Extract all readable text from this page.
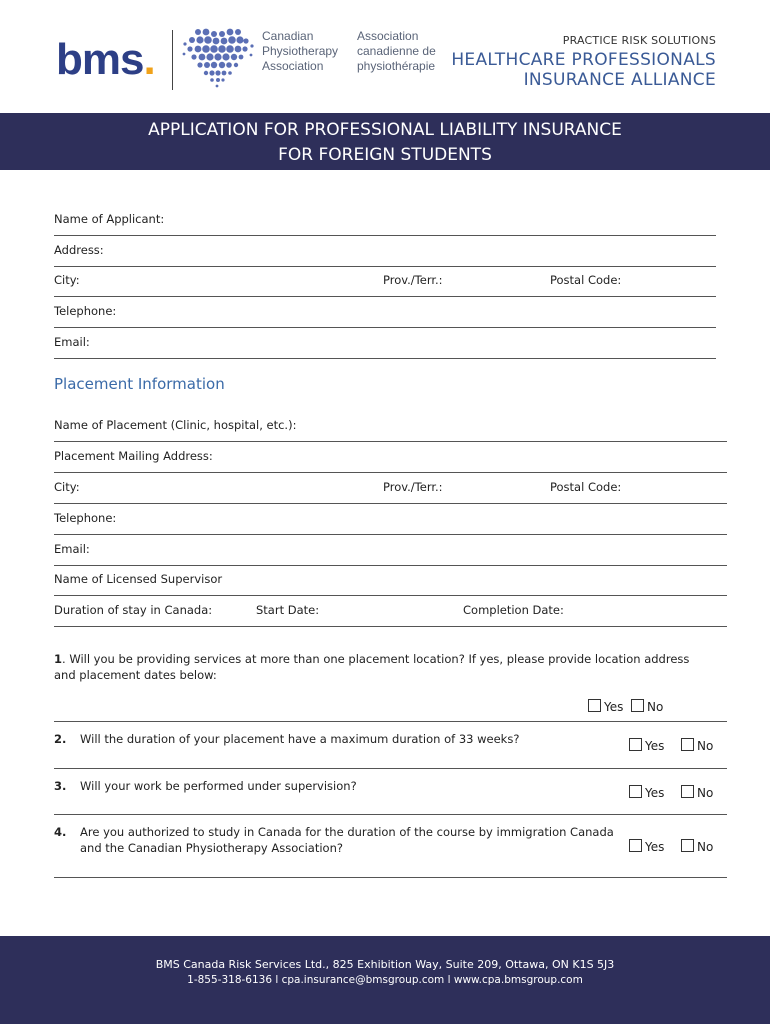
bms.	Canadian
Physiotherapy
Association
Association
canadienne de
physiothérapie
PRACTICE RISK SOLUTIONS
HEALTHCARE PROFESSIONALS
INSURANCE ALLIANCE
APPLICATION FOR PROFESSIONAL LIABILITY INSURANCE
FOR FOREIGN STUDENTS
Name of Applicant:
Address:
City:	Prov./Terr.:	Postal Code:
Telephone:
Email:
Placement Information
Name of Placement (Clinic, hospital, etc.):
Placement Mailing Address:
City:	Prov./Terr.:	Postal Code:
Telephone:
Email:
Name of Licensed Supervisor
Duration of stay in Canada:	Start Date:	Completion Date:
1. Will you be providing services at more than one placement location? If yes, please provide location address and placement dates below:
Yes	No
2. Will the duration of your placement have a maximum duration of 33 weeks?	Yes	No
3. Will your work be performed under supervision?	Yes	No
4. Are you authorized to study in Canada for the duration of the course by immigration Canada and the Canadian Physiotherapy Association?	Yes	No
BMS Canada Risk Services Ltd., 825 Exhibition Way, Suite 209, Ottawa, ON K1S 5J3
1-855-318-6136 l cpa.insurance@bmsgroup.com l www.cpa.bmsgroup.com
